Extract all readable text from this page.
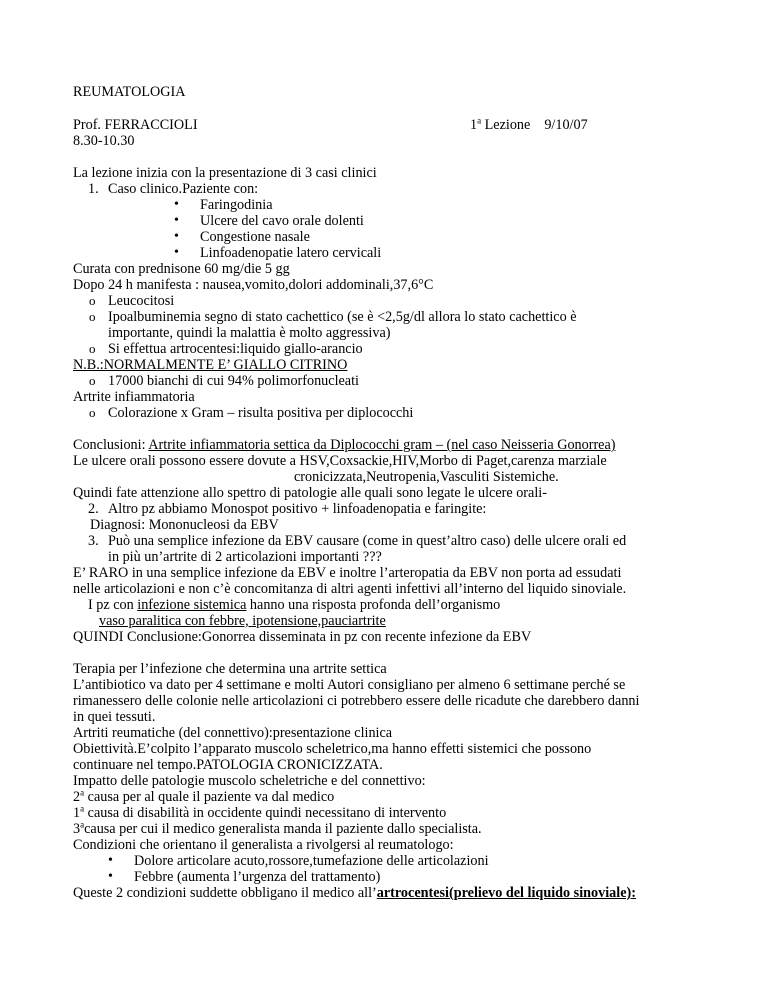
REUMATOLOGIA
Prof. FERRACCIOLI	1$^a$ Lezione 9/10/07
8.30-10.30
La lezione inizia con la presentazione di 3 casi clinici
1. Caso clinico.Paziente con:
• Faringodinia
• Ulcere del cavo orale dolenti
• Congestione nasale
• Linfoadenopatie latero cervicali
Curata con prednisone 60 mg/die 5 gg
Dopo 24 h manifesta : nausea,vomito,dolori addominali,37,6°C
o Leucocitosi
o Ipoalbuminemia segno di stato cachettico (se è <2,5g/dl allora lo stato cachettico è
importante, quindi la malattia è molto aggressiva)
o Si effettua artrocentesi:liquido giallo-arancio
N.B.:NORMALMENTE E’ GIALLO CITRINO
o 17000 bianchi di cui 94% polimorfonucleati
Artrite infiammatoria
o Colorazione x Gram – risulta positiva per diplococchi
Conclusioni: Artrite infiammatoria settica da Diplococchi gram – (nel caso Neisseria Gonorrea)
Le ulcere orali possono essere dovute a HSV,Coxsackie,HIV,Morbo di Paget,carenza marziale
cronicizzata,Neutropenia,Vasculiti Sistemiche.
Quindi fate attenzione allo spettro di patologie alle quali sono legate le ulcere orali-
2. Altro pz abbiamo Monospot positivo + linfoadenopatia e faringite:
Diagnosi: Mononucleosi da EBV
3. Può una semplice infezione da EBV causare (come in quest’altro caso) delle ulcere orali ed
in più un’artrite di 2 articolazioni importanti ???
E’ RARO in una semplice infezione da EBV e inoltre l’arteropatia da EBV non porta ad essudati
nelle articolazioni e non c’è concomitanza di altri agenti infettivi all’interno del liquido sinoviale.
I pz con infezione sistemica hanno una risposta profonda dell’organismo
vaso paralitica con febbre, ipotensione,pauciartrite
QUINDI Conclusione:Gonorrea disseminata in pz con recente infezione da EBV
Terapia per l’infezione che determina una artrite settica
L’antibiotico va dato per 4 settimane e molti Autori consigliano per almeno 6 settimane perché se
rimanessero delle colonie nelle articolazioni ci potrebbero essere delle ricadute che darebbero danni
in quei tessuti.
Artriti reumatiche (del connettivo):presentazione clinica
Obiettività.E’colpito l’apparato muscolo scheletrico,ma hanno effetti sistemici che possono
continuare nel tempo.PATOLOGIA CRONICIZZATA.
Impatto delle patologie muscolo scheletriche e del connettivo:
2$^a$ causa per al quale il paziente va dal medico
1$^a$ causa di disabilità in occidente quindi necessitano di intervento
3$^a$causa per cui il medico generalista manda il paziente dallo specialista.
Condizioni che orientano il generalista a rivolgersi al reumatologo:
• Dolore articolare acuto,rossore,tumefazione delle articolazioni
• Febbre (aumenta l’urgenza del trattamento)
Queste 2 condizioni suddette obbligano il medico all’artrocentesi(prelievo del liquido sinoviale):
